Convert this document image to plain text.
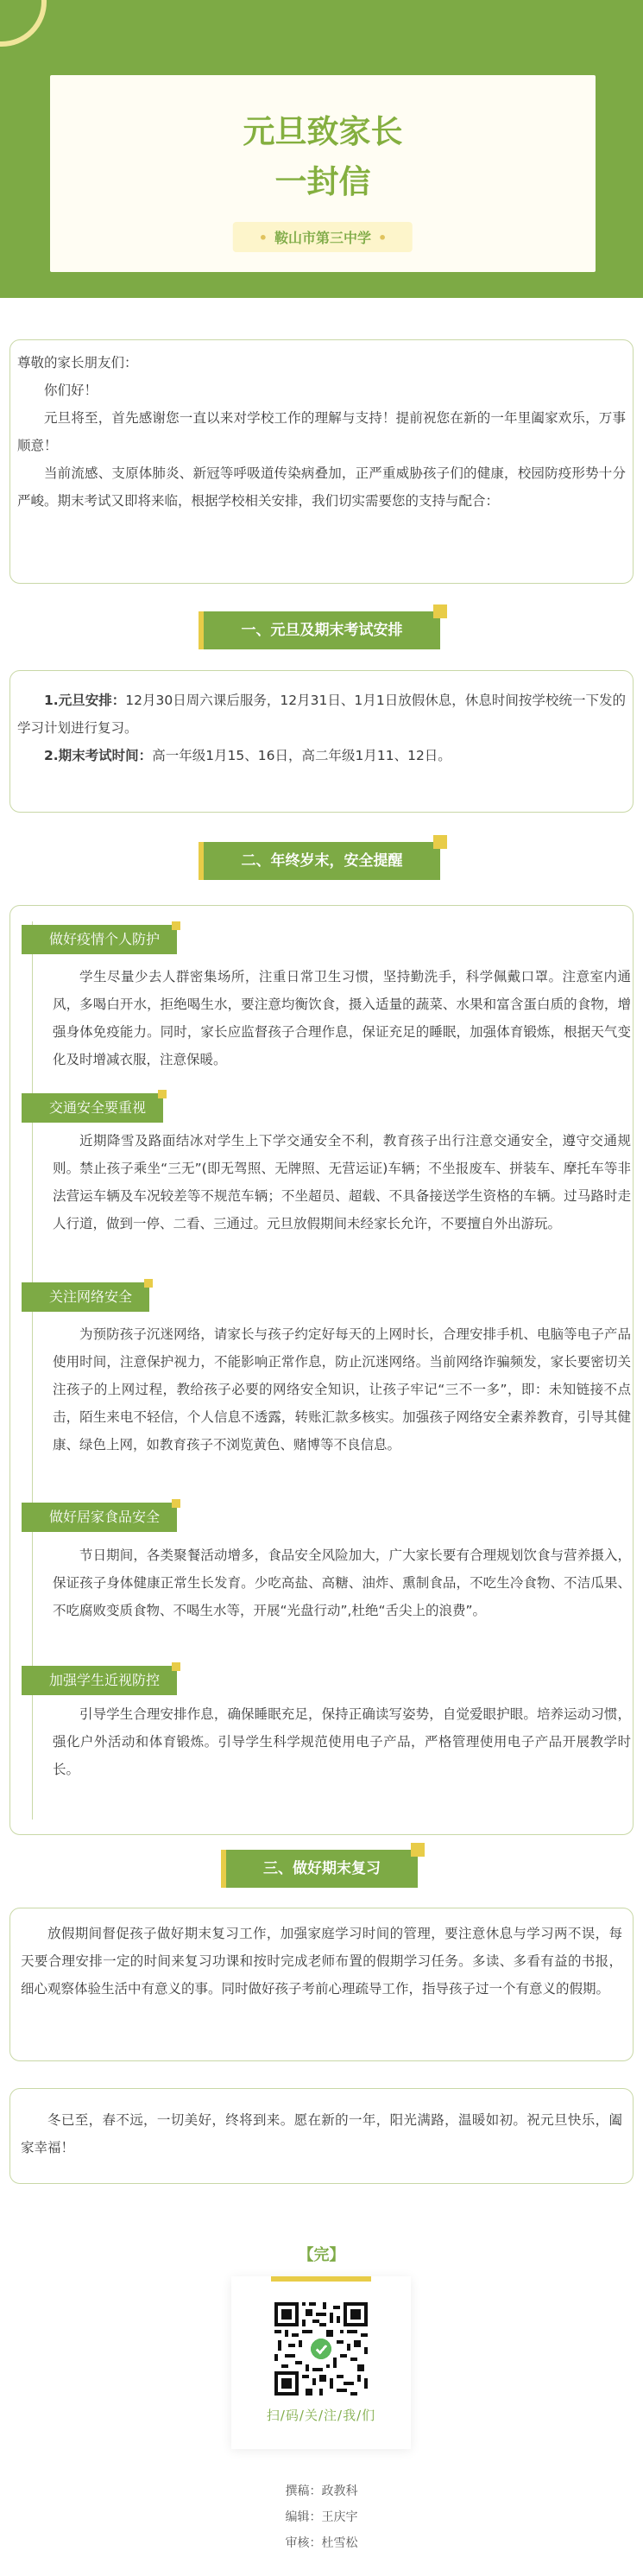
元旦致家长
一封信
• 鞍山市第三中学 •

尊敬的家长朋友们：

你们好！

元旦将至，首先感谢您一直以来对学校工作的理解与支持！提前祝您在新的一年里阖家欢乐，万事顺意！

当前流感、支原体肺炎、新冠等呼吸道传染病叠加，正严重威胁孩子们的健康，校园防疫形势十分严峻。期末考试又即将来临，根据学校相关安排，我们切实需要您的支持与配合：

一、元旦及期末考试安排

1.元旦安排：12月30日周六课后服务，12月31日、1月1日放假休息，休息时间按学校统一下发的学习计划进行复习。

2.期末考试时间：高一年级1月15、16日，高二年级1月11、12日。

二、年终岁末，安全提醒
做好疫情个人防护
学生尽量少去人群密集场所，注重日常卫生习惯，坚持勤洗手，科学佩戴口罩。注意室内通风，多喝白开水，拒绝喝生水，要注意均衡饮食，摄入适量的蔬菜、水果和富含蛋白质的食物，增强身体免疫能力。同时，家长应监督孩子合理作息，保证充足的睡眠，加强体育锻炼，根据天气变化及时增减衣服，注意保暖。
交通安全要重视
近期降雪及路面结冰对学生上下学交通安全不利，教育孩子出行注意交通安全，遵守交通规则。禁止孩子乘坐“三无”(即无驾照、无牌照、无营运证)车辆；不坐报废车、拼装车、摩托车等非法营运车辆及车况较差等不规范车辆；不坐超员、超载、不具备接送学生资格的车辆。过马路时走人行道，做到一停、二看、三通过。元旦放假期间未经家长允许，不要擅自外出游玩。
关注网络安全
为预防孩子沉迷网络，请家长与孩子约定好每天的上网时长，合理安排手机、电脑等电子产品使用时间，注意保护视力，不能影响正常作息，防止沉迷网络。当前网络诈骗频发，家长要密切关注孩子的上网过程，教给孩子必要的网络安全知识，让孩子牢记“三不一多”，即：未知链接不点击，陌生来电不轻信，个人信息不透露，转账汇款多核实。加强孩子网络安全素养教育，引导其健康、绿色上网，如教育孩子不浏览黄色、赌博等不良信息。
做好居家食品安全
节日期间，各类聚餐活动增多，食品安全风险加大，广大家长要有合理规划饮食与营养摄入，保证孩子身体健康正常生长发育。少吃高盐、高糖、油炸、熏制食品，不吃生冷食物、不洁瓜果、不吃腐败变质食物、不喝生水等，开展“光盘行动”,杜绝“舌尖上的浪费”。
加强学生近视防控
引导学生合理安排作息，确保睡眠充足，保持正确读写姿势，自觉爱眼护眼。培养运动习惯，强化户外活动和体育锻炼。引导学生科学规范使用电子产品，严格管理使用电子产品开展教学时长。
三、做好期末复习

放假期间督促孩子做好期末复习工作，加强家庭学习时间的管理，要注意休息与学习两不误，每天要合理安排一定的时间来复习功课和按时完成老师布置的假期学习任务。多读、多看有益的书报，细心观察体验生活中有意义的事。同时做好孩子考前心理疏导工作，指导孩子过一个有意义的假期。

冬已至，春不远，一切美好，终将到来。愿在新的一年，阳光满路，温暖如初。祝元旦快乐，阖家幸福！

【完】
扫/码/关/注/我/们
撰稿：政教科
编辑：王庆宇
审核：杜雪松
